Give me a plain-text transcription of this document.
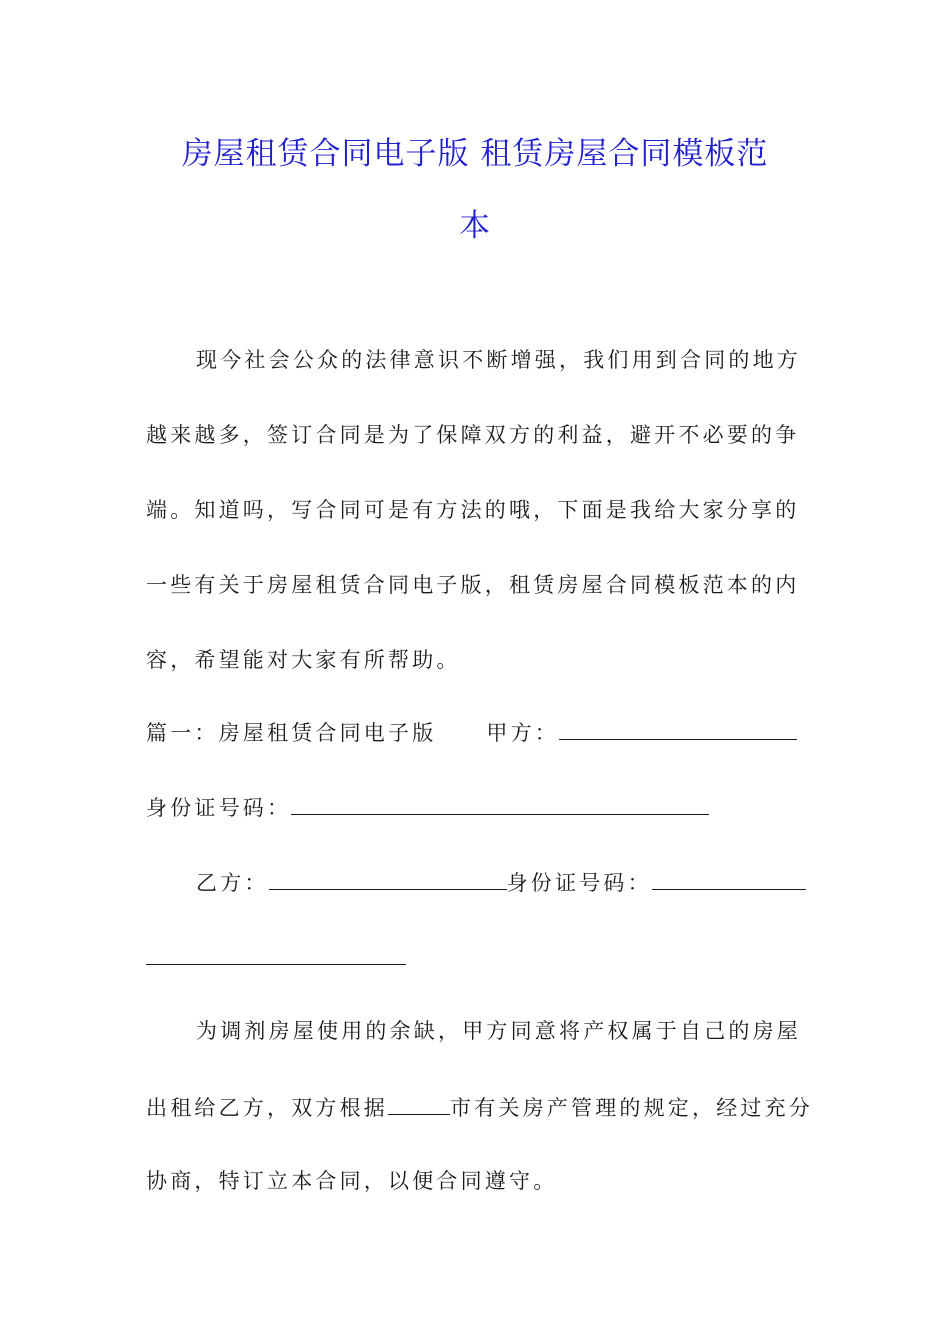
房屋租赁合同电子版 租赁房屋合同模板范
本
现今社会公众的法律意识不断增强，我们用到合同的地方
越来越多，签订合同是为了保障双方的利益，避开不必要的争
端。知道吗，写合同可是有方法的哦，下面是我给大家分享的
一些有关于房屋租赁合同电子版，租赁房屋合同模板范本的内
容，希望能对大家有所帮助。
篇一：房屋租赁合同电子版 甲方：
身份证号码：
乙方：	身份证号码：
为调剂房屋使用的余缺，甲方同意将产权属于自己的房屋
出租给乙方，双方根据	市有关房产管理的规定，经过充分
协商，特订立本合同，以便合同遵守。
